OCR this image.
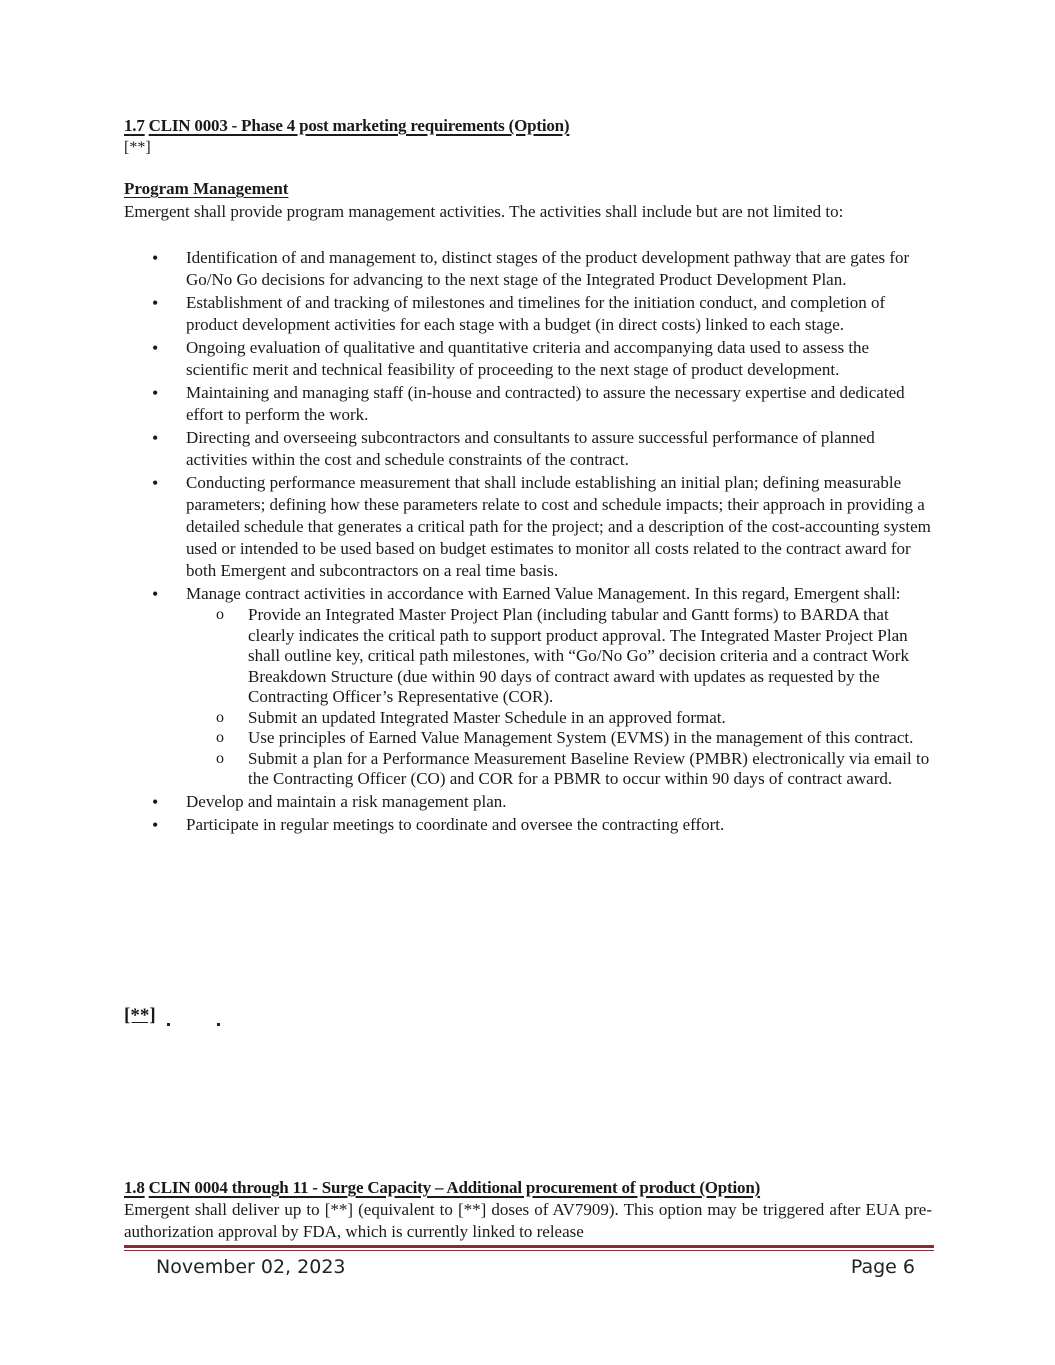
1.7 CLIN 0003 - Phase 4 post marketing requirements (Option)
[**]
Program Management
Emergent shall provide program management activities. The activities shall include but are not limited to:
• Identification of and management to, distinct stages of the product development pathway that are gates for Go/No Go decisions for advancing to the next stage of the Integrated Product Development Plan.
• Establishment of and tracking of milestones and timelines for the initiation conduct, and completion of product development activities for each stage with a budget (in direct costs) linked to each stage.
• Ongoing evaluation of qualitative and quantitative criteria and accompanying data used to assess the scientific merit and technical feasibility of proceeding to the next stage of product development.
• Maintaining and managing staff (in-house and contracted) to assure the necessary expertise and dedicated effort to perform the work.
• Directing and overseeing subcontractors and consultants to assure successful performance of planned activities within the cost and schedule constraints of the contract.
• Conducting performance measurement that shall include establishing an initial plan; defining measurable parameters; defining how these parameters relate to cost and schedule impacts; their approach in providing a detailed schedule that generates a critical path for the project; and a description of the cost-accounting system used or intended to be used based on budget estimates to monitor all costs related to the contract award for both Emergent and subcontractors on a real time basis.
• Manage contract activities in accordance with Earned Value Management. In this regard, Emergent shall:
o Provide an Integrated Master Project Plan (including tabular and Gantt forms) to BARDA that clearly indicates the critical path to support product approval. The Integrated Master Project Plan shall outline key, critical path milestones, with “Go/No Go” decision criteria and a contract Work Breakdown Structure (due within 90 days of contract award with updates as requested by the Contracting Officer’s Representative (COR).
o Submit an updated Integrated Master Schedule in an approved format.
o Use principles of Earned Value Management System (EVMS) in the management of this contract.
o Submit a plan for a Performance Measurement Baseline Review (PMBR) electronically via email to the Contracting Officer (CO) and COR for a PBMR to occur within 90 days of contract award.
• Develop and maintain a risk management plan.
• Participate in regular meetings to coordinate and oversee the contracting effort.
[**]
1.8 CLIN 0004 through 11 - Surge Capacity – Additional procurement of product (Option)
Emergent shall deliver up to [**] (equivalent to [**] doses of AV7909). This option may be triggered after EUA pre-authorization approval by FDA, which is currently linked to release
November 02, 2023	Page 6
